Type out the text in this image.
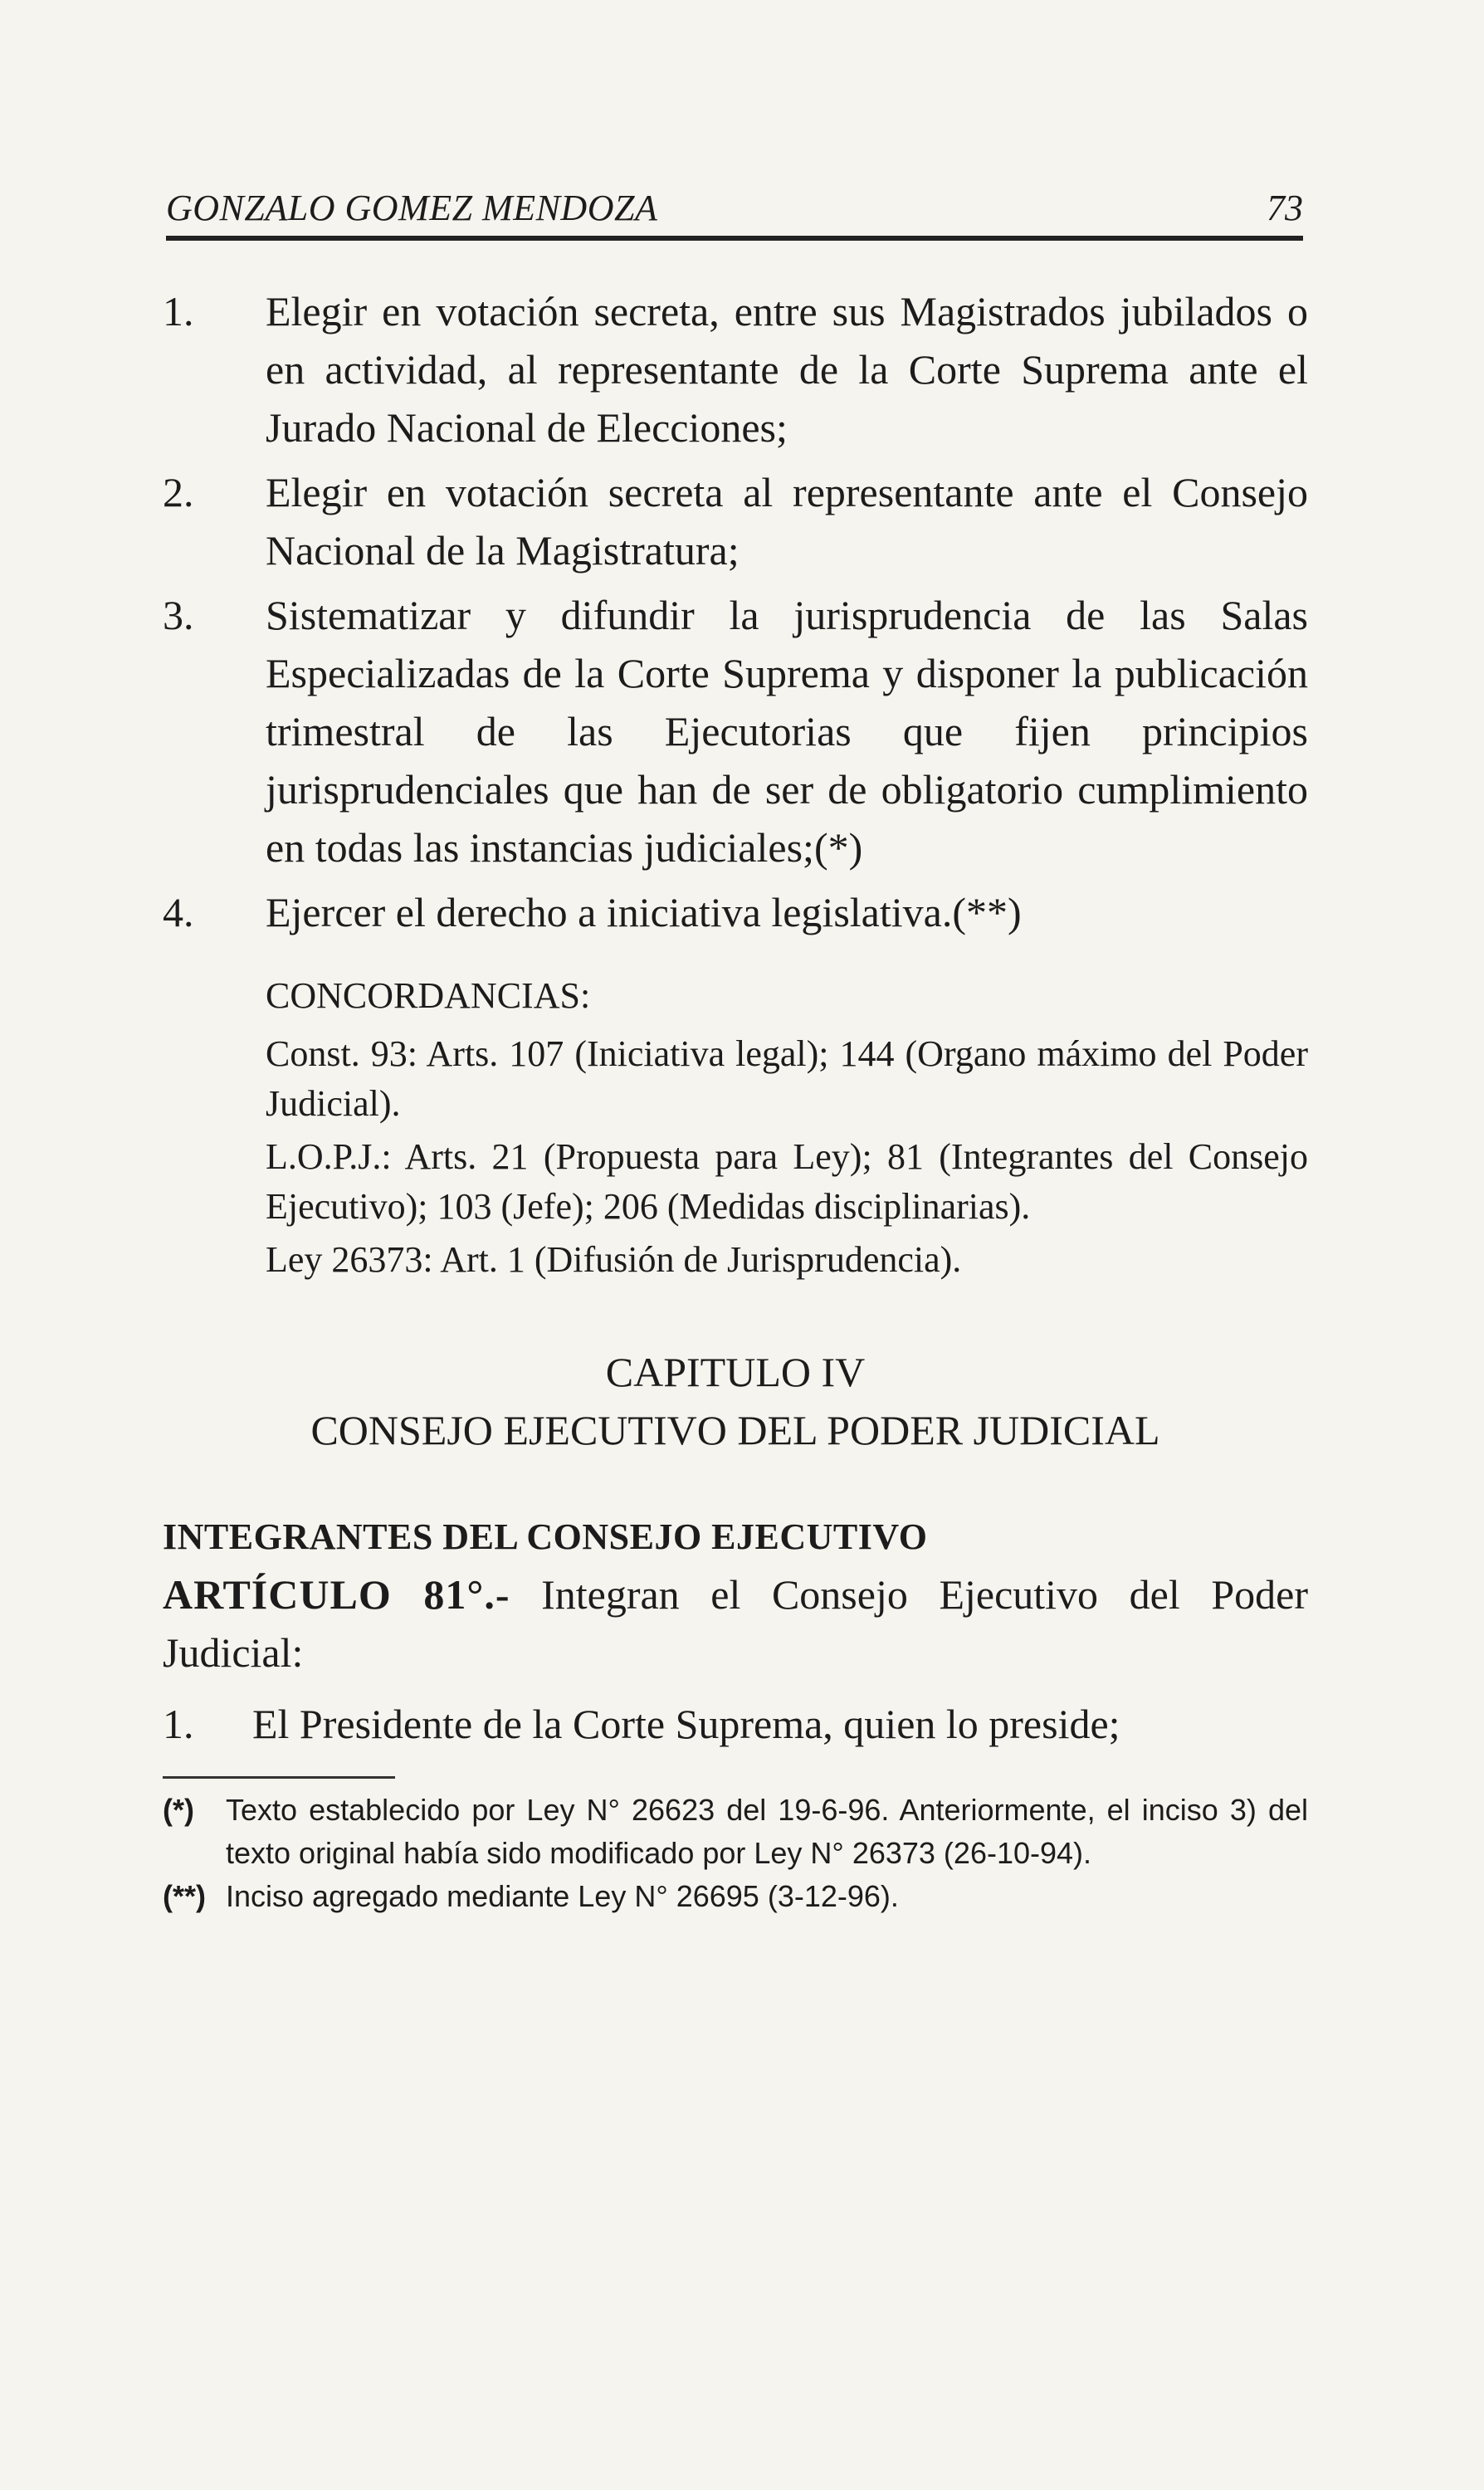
GONZALO GOMEZ MENDOZA	73
1.	Elegir en votación secreta, entre sus Magistrados jubilados o en actividad, al representante de la Corte Suprema ante el Jurado Nacional de Elecciones;
2.	Elegir en votación secreta al representante ante el Consejo Nacional de la Magistratura;
3.	Sistematizar y difundir la jurisprudencia de las Salas Especializadas de la Corte Suprema y disponer la publicación trimestral de las Ejecutorias que fijen principios jurisprudenciales que han de ser de obligatorio cumplimiento en todas las instancias judiciales;(*)
4.	Ejercer el derecho a iniciativa legislativa.(**)
CONCORDANCIAS:

Const. 93: Arts. 107 (Iniciativa legal); 144 (Organo máximo del Poder Judicial).

L.O.P.J.: Arts. 21 (Propuesta para Ley); 81 (Integrantes del Consejo Ejecutivo); 103 (Jefe); 206 (Medidas disciplinarias).

Ley 26373: Art. 1 (Difusión de Jurisprudencia).

CAPITULO IV
CONSEJO EJECUTIVO DEL PODER JUDICIAL
INTEGRANTES DEL CONSEJO EJECUTIVO
ARTÍCULO 81°.- Integran el Consejo Ejecutivo del Poder Judicial:
1.	El Presidente de la Corte Suprema, quien lo preside;
(*)	Texto establecido por Ley N° 26623 del 19-6-96. Anteriormente, el inciso 3) del texto original había sido modificado por Ley N° 26373 (26-10-94).
(**) Inciso agregado mediante Ley N° 26695 (3-12-96).
